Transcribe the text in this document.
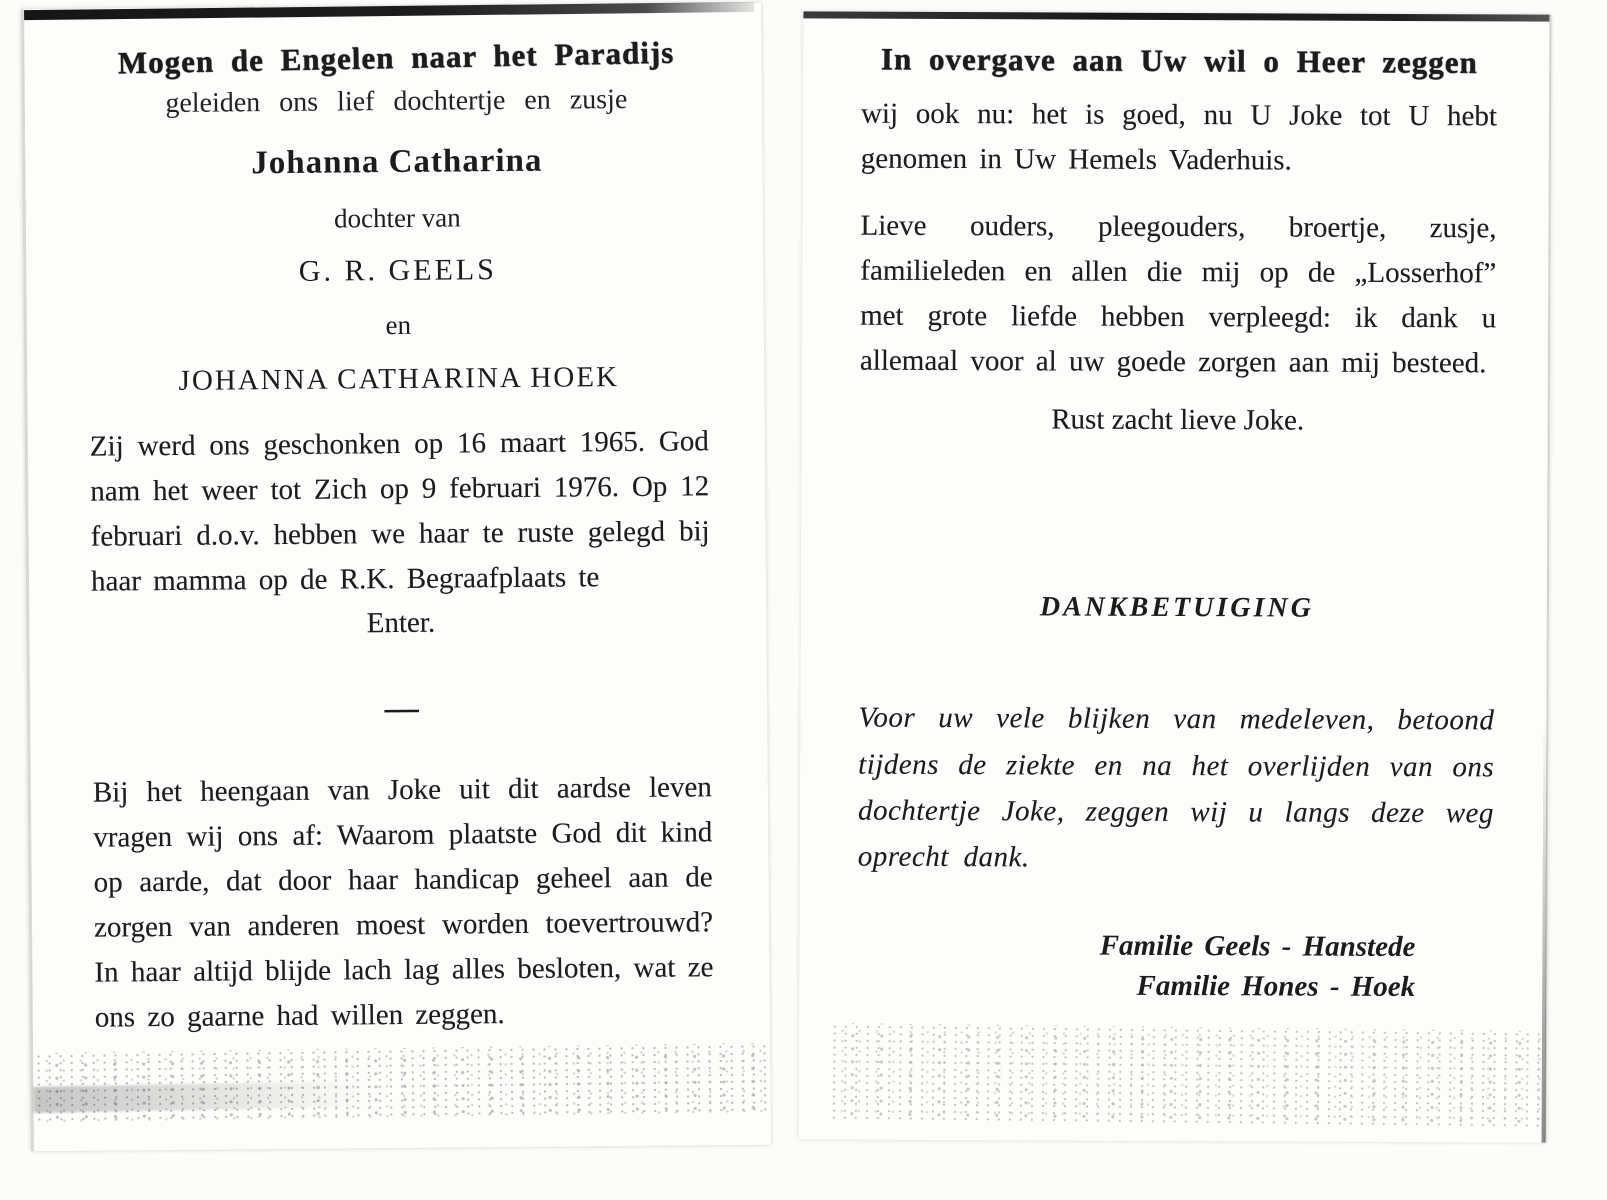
Mogen de Engelen naar het Paradijs

geleiden ons lief dochtertje en zusje

Johanna Catharina

dochter van

G. R. GEELS

en

JOHANNA CATHARINA HOEK

Zij werd ons geschonken op 16 maart 1965. God nam het weer tot Zich op 9 februari 1976. Op 12 februari d.o.v. hebben we haar te ruste gelegd bij haar mamma op de R.K. Begraafplaats te

Enter.

—

Bij het heengaan van Joke uit dit aardse leven vragen wij ons af: Waarom plaatste God dit kind op aarde, dat door haar handicap geheel aan de zorgen van anderen moest worden toevertrouwd? In haar altijd blijde lach lag alles besloten, wat ze ons zo gaarne had willen zeggen.

In overgave aan Uw wil o Heer zeggen

wij ook nu: het is goed, nu U Joke tot U hebt genomen in Uw Hemels Vaderhuis.

Lieve ouders, pleegouders, broertje, zusje, familieleden en allen die mij op de „Losserhof” met grote liefde hebben verpleegd: ik dank u allemaal voor al uw goede zorgen aan mij besteed.

Rust zacht lieve Joke.

DANKBETUIGING

Voor uw vele blijken van medeleven, betoond tijdens de ziekte en na het overlijden van ons dochtertje Joke, zeggen wij u langs deze weg oprecht dank.

Familie Geels - Hanstede

Familie Hones - Hoek
